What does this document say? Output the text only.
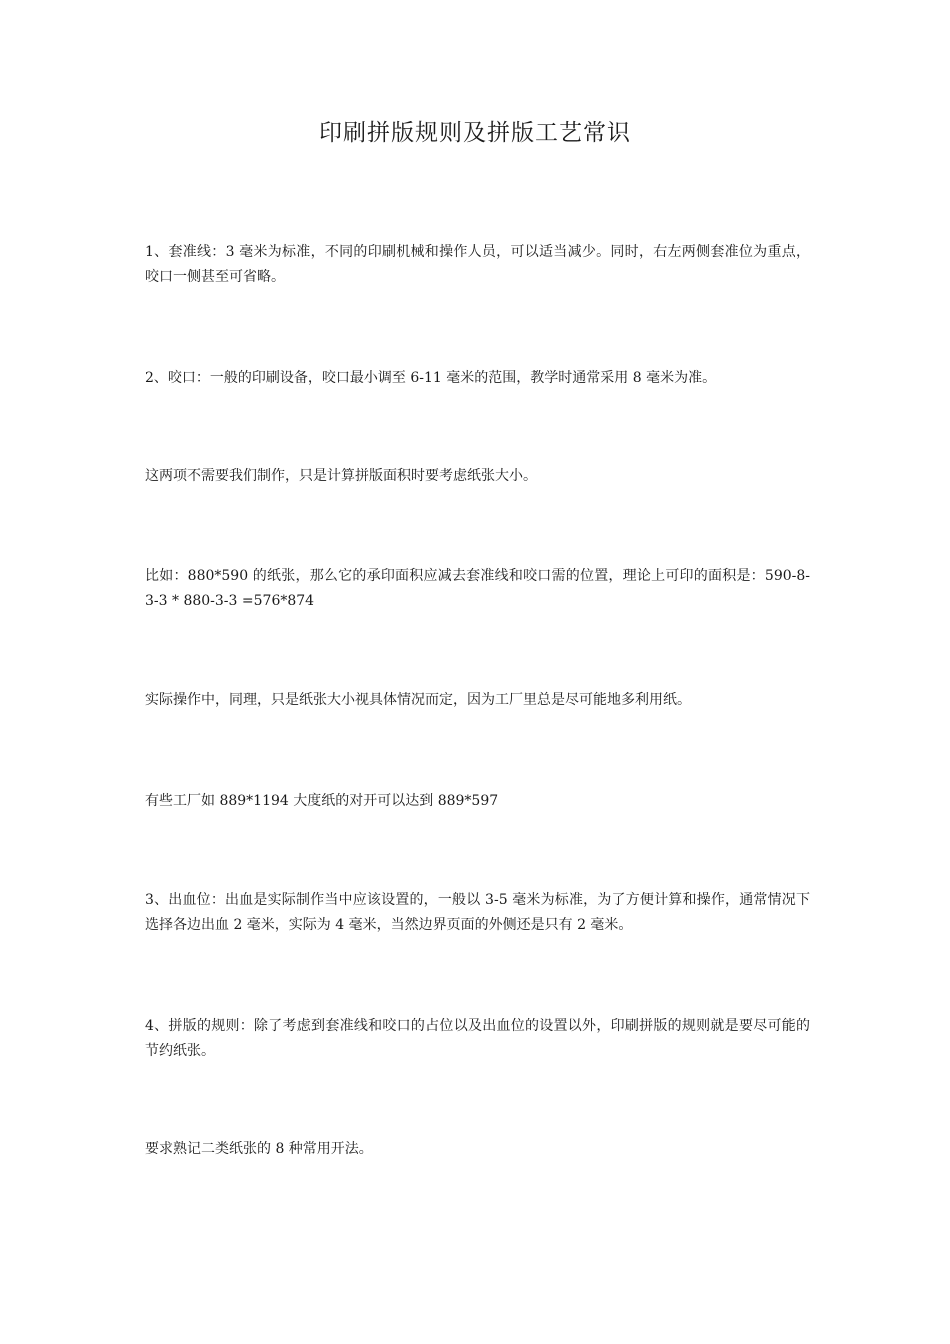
印刷拼版规则及拼版工艺常识
1、套准线：3 毫米为标准，不同的印刷机械和操作人员，可以适当减少。同时，右左两侧套准位为重点，咬口一侧甚至可省略。
2、咬口：一般的印刷设备，咬口最小调至 6-11 毫米的范围，教学时通常采用 8 毫米为准。
这两项不需要我们制作，只是计算拼版面积时要考虑纸张大小。
比如：880*590 的纸张，那么它的承印面积应减去套准线和咬口需的位置，理论上可印的面积是：590-8-3-3 * 880-3-3 =576*874
实际操作中，同理，只是纸张大小视具体情况而定，因为工厂里总是尽可能地多利用纸。
有些工厂如 889*1194 大度纸的对开可以达到 889*597
3、出血位：出血是实际制作当中应该设置的，一般以 3-5 毫米为标准，为了方便计算和操作，通常情况下选择各边出血 2 毫米，实际为 4 毫米，当然边界页面的外侧还是只有 2 毫米。
4、拼版的规则：除了考虑到套准线和咬口的占位以及出血位的设置以外，印刷拼版的规则就是要尽可能的节约纸张。
要求熟记二类纸张的 8 种常用开法。
